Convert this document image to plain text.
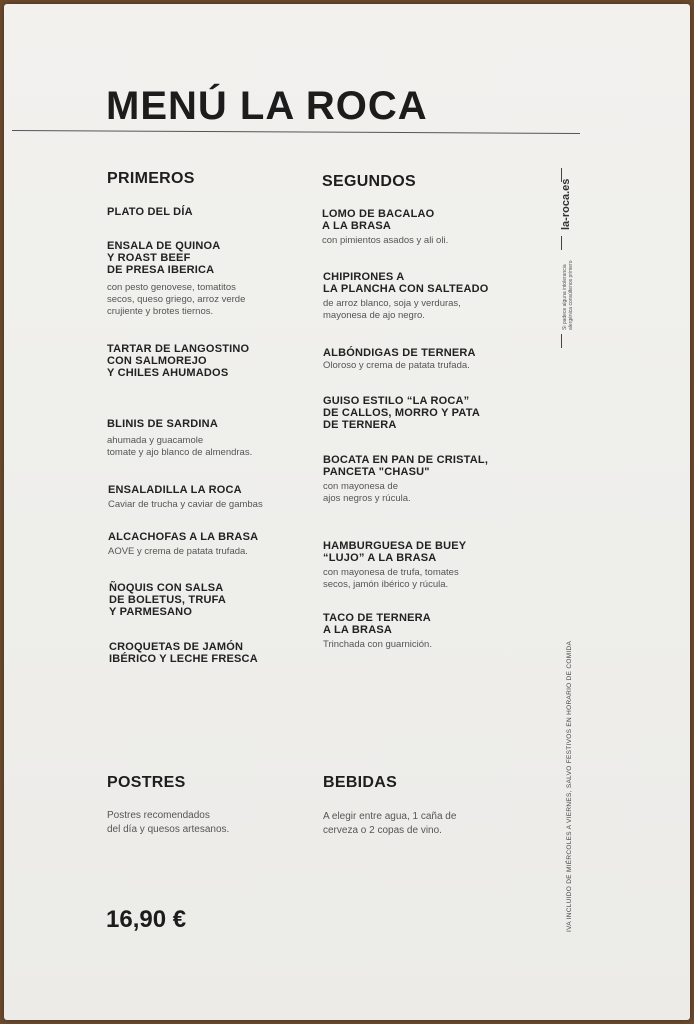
MENÚ LA ROCA
PRIMEROS
PLATO DEL DÍA
ENSALA DE QUINOA
Y ROAST BEEF
DE PRESA IBERICA
con pesto genovese, tomatitos
secos, queso griego, arroz verde
crujiente y brotes tiernos.
TARTAR DE LANGOSTINO
CON SALMOREJO
Y CHILES AHUMADOS
BLINIS DE SARDINA
ahumada y guacamole
tomate y ajo blanco de almendras.
ENSALADILLA LA ROCA
Caviar de trucha y caviar de gambas
ALCACHOFAS A LA BRASA
AOVE y crema de patata trufada.
ÑOQUIS CON SALSA
DE BOLETUS, TRUFA
Y PARMESANO
CROQUETAS DE JAMÓN
IBÉRICO Y LECHE FRESCA
SEGUNDOS
LOMO DE BACALAO
A LA BRASA
con pimientos asados y ali oli.
CHIPIRONES A
LA PLANCHA CON SALTEADO
de arroz blanco, soja y verduras,
mayonesa de ajo negro.
ALBÓNDIGAS DE TERNERA
Oloroso y crema de patata trufada.
GUISO ESTILO “LA ROCA”
DE CALLOS, MORRO Y PATA
DE TERNERA
BOCATA EN PAN DE CRISTAL,
PANCETA "CHASU"
con mayonesa de
ajos negros y rúcula.
HAMBURGUESA DE BUEY
“LUJO” A LA BRASA
con mayonesa de trufa, tomates
secos, jamón ibérico y rúcula.
TACO DE TERNERA
A LA BRASA
Trinchada con guarnición.
POSTRES
Postres recomendados
del día y quesos artesanos.
BEBIDAS
A elegir entre agua, 1 caña de
cerveza o 2 copas de vino.
16,90 €
la-roca.es
Si padece alguna intolerancia alergénica consúltenos primero
IVA INCLUIDO DE MIÉRCOLES A VIERNES, SALVO FESTIVOS EN HORARIO DE COMIDA
